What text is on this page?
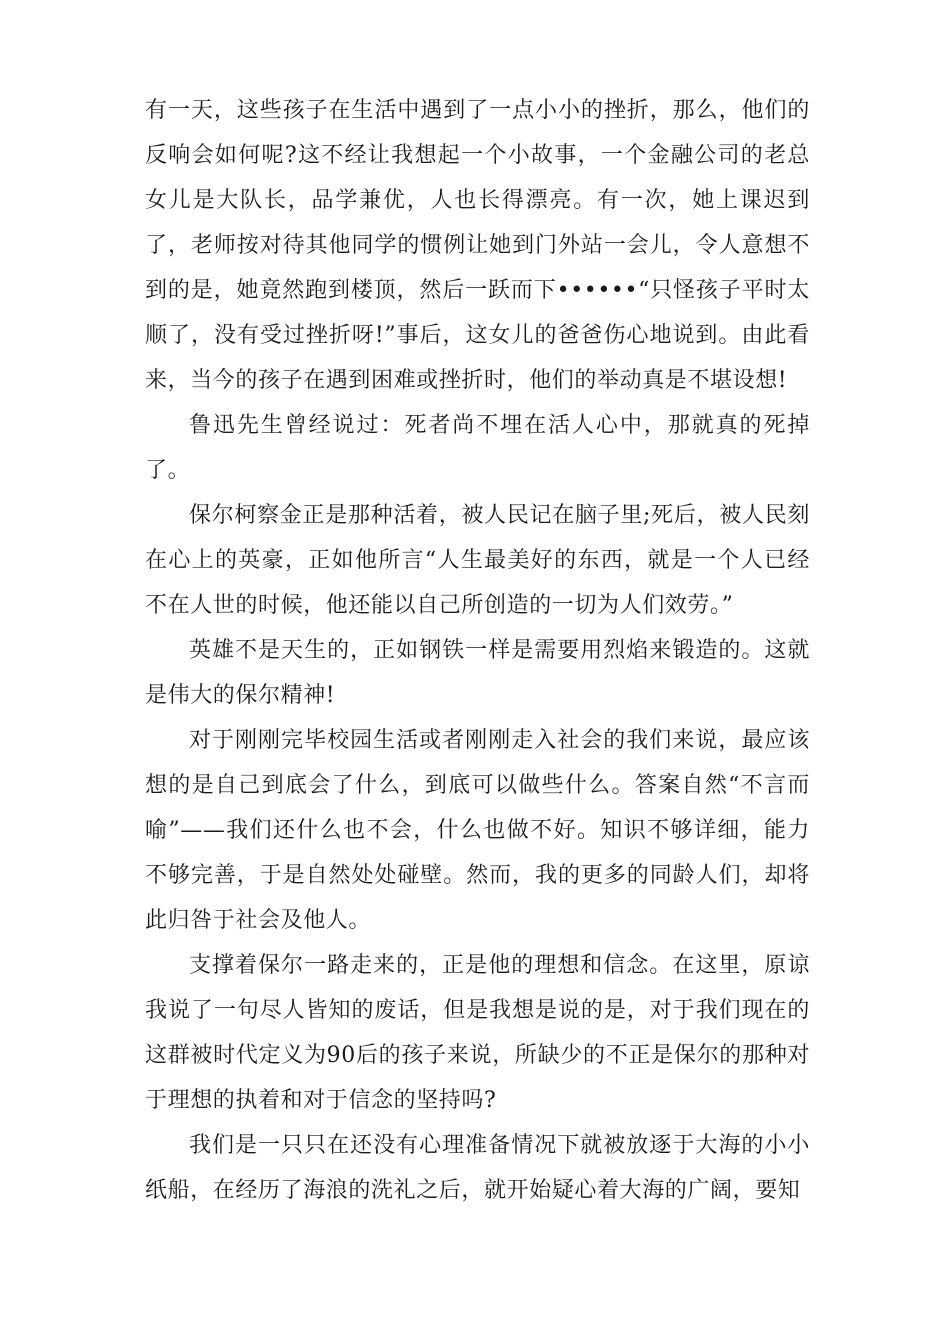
有一天，这些孩子在生活中遇到了一点小小的挫折，那么，他们的反响会如何呢?这不经让我想起一个小故事，一个金融公司的老总女儿是大队长，品学兼优，人也长得漂亮。有一次，她上课迟到了，老师按对待其他同学的惯例让她到门外站一会儿，令人意想不到的是，她竟然跑到楼顶，然后一跃而下••••••“只怪孩子平时太顺了，没有受过挫折呀!”事后，这女儿的爸爸伤心地说到。由此看来，当今的孩子在遇到困难或挫折时，他们的举动真是不堪设想!

鲁迅先生曾经说过：死者尚不埋在活人心中，那就真的死掉了。

保尔柯察金正是那种活着，被人民记在脑子里;死后，被人民刻在心上的英豪，正如他所言“人生最美好的东西，就是一个人已经不在人世的时候，他还能以自己所创造的一切为人们效劳。”

英雄不是天生的，正如钢铁一样是需要用烈焰来锻造的。这就是伟大的保尔精神!

对于刚刚完毕校园生活或者刚刚走入社会的我们来说，最应该想的是自己到底会了什么，到底可以做些什么。答案自然“不言而喻”——我们还什么也不会，什么也做不好。知识不够详细，能力不够完善，于是自然处处碰壁。然而，我的更多的同龄人们，却将此归咎于社会及他人。

支撑着保尔一路走来的，正是他的理想和信念。在这里，原谅我说了一句尽人皆知的废话，但是我想是说的是，对于我们现在的这群被时代定义为90后的孩子来说，所缺少的不正是保尔的那种对于理想的执着和对于信念的坚持吗?

我们是一只只在还没有心理准备情况下就被放逐于大海的小小纸船，在经历了海浪的洗礼之后，就开始疑心着大海的广阔，要知
